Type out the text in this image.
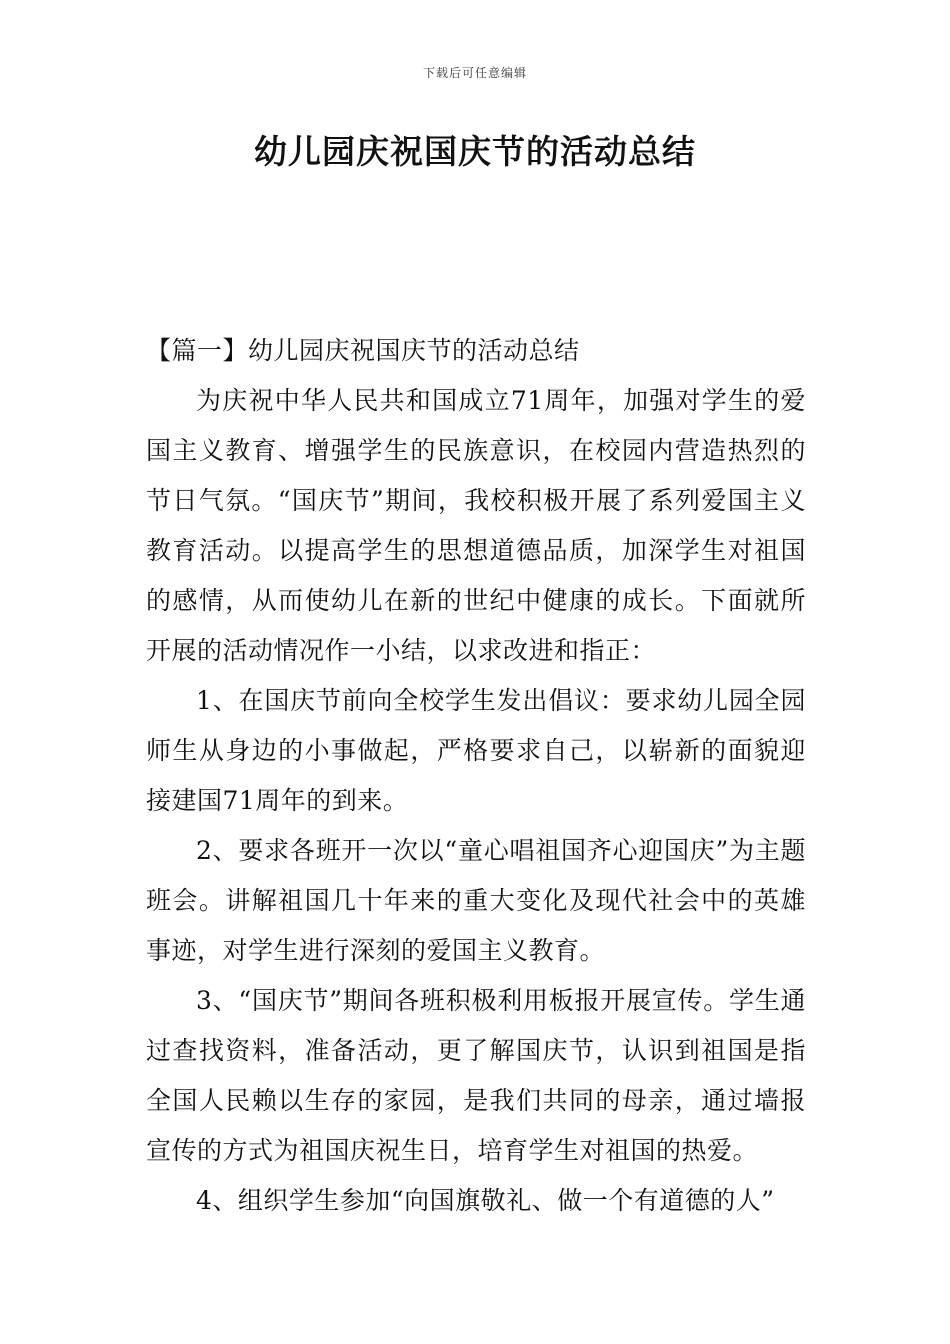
下载后可任意编辑
幼儿园庆祝国庆节的活动总结

【篇一】幼儿园庆祝国庆节的活动总结

为庆祝中华人民共和国成立71周年，加强对学生的爱国主义教育、增强学生的民族意识，在校园内营造热烈的节日气氛。“国庆节”期间，我校积极开展了系列爱国主义教育活动。以提高学生的思想道德品质，加深学生对祖国的感情，从而使幼儿在新的世纪中健康的成长。下面就所开展的活动情况作一小结，以求改进和指正：

1、在国庆节前向全校学生发出倡议：要求幼儿园全园师生从身边的小事做起，严格要求自己，以崭新的面貌迎接建国71周年的到来。

2、要求各班开一次以“童心唱祖国齐心迎国庆”为主题班会。讲解祖国几十年来的重大变化及现代社会中的英雄事迹，对学生进行深刻的爱国主义教育。

3、“国庆节”期间各班积极利用板报开展宣传。学生通过查找资料，准备活动，更了解国庆节，认识到祖国是指全国人民赖以生存的家园，是我们共同的母亲，通过墙报宣传的方式为祖国庆祝生日，培育学生对祖国的热爱。

4、组织学生参加“向国旗敬礼、做一个有道德的人”
